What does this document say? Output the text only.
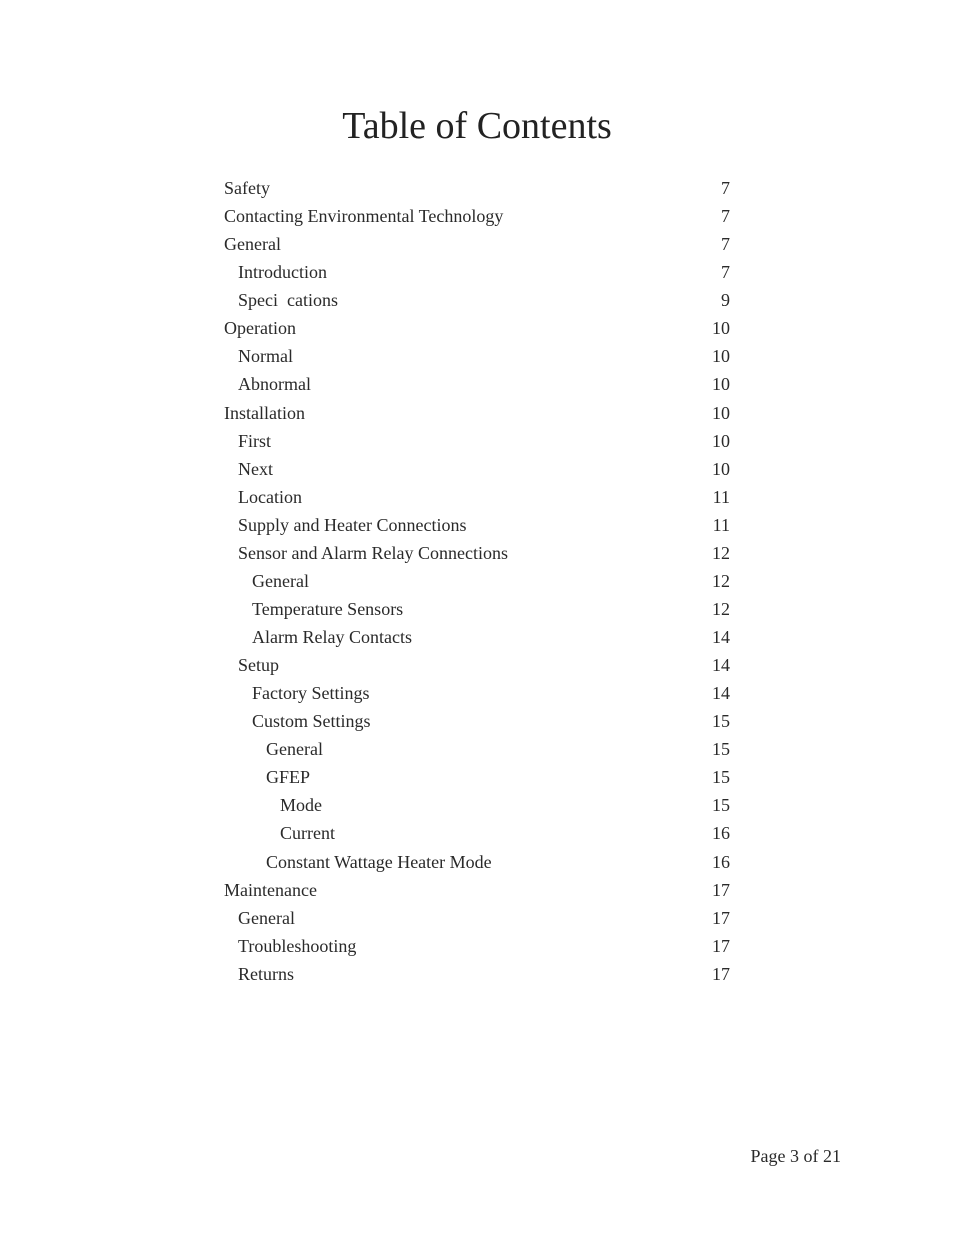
Table of Contents
Safety	7
Contacting Environmental Technology	7
General	7
Introduction	7
Speci  cations	9
Operation	10
Normal	10
Abnormal	10
Installation	10
First	10
Next	10
Location	11
Supply and Heater Connections	11
Sensor and Alarm Relay Connections	12
General	12
Temperature Sensors	12
Alarm Relay Contacts	14
Setup	14
Factory Settings	14
Custom Settings	15
General	15
GFEP	15
Mode	15
Current	16
Constant Wattage Heater Mode	16
Maintenance	17
General	17
Troubleshooting	17
Returns	17
Page 3 of 21
